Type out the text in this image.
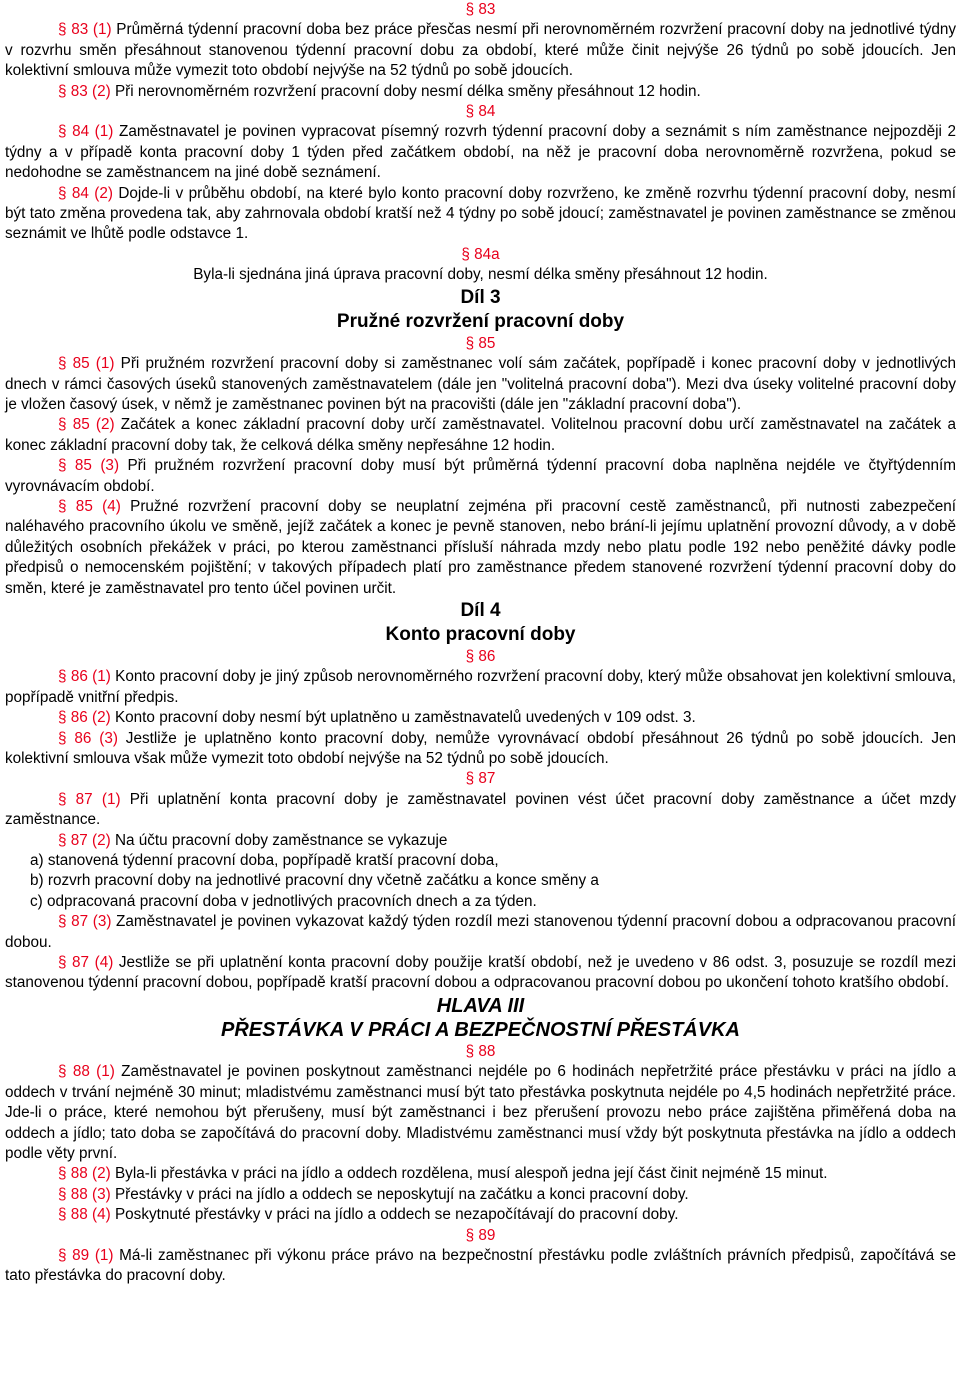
§ 83

§ 83 (1) Průměrná týdenní pracovní doba bez práce přesčas nesmí při nerovnoměrném rozvržení pracovní doby na jednotlivé týdny v rozvrhu směn přesáhnout stanovenou týdenní pracovní dobu za období, které může činit nejvýše 26 týdnů po sobě jdoucích. Jen kolektivní smlouva může vymezit toto období nejvýše na 52 týdnů po sobě jdoucích.

§ 83 (2) Při nerovnoměrném rozvržení pracovní doby nesmí délka směny přesáhnout 12 hodin.

§ 84

§ 84 (1) Zaměstnavatel je povinen vypracovat písemný rozvrh týdenní pracovní doby a seznámit s ním zaměstnance nejpozději 2 týdny a v případě konta pracovní doby 1 týden před začátkem období, na něž je pracovní doba nerovnoměrně rozvržena, pokud se nedohodne se zaměstnancem na jiné době seznámení.

§ 84 (2) Dojde-li v průběhu období, na které bylo konto pracovní doby rozvrženo, ke změně rozvrhu týdenní pracovní doby, nesmí být tato změna provedena tak, aby zahrnovala období kratší než 4 týdny po sobě jdoucí; zaměstnavatel je povinen zaměstnance se změnou seznámit ve lhůtě podle odstavce 1.

§ 84a

Byla-li sjednána jiná úprava pracovní doby, nesmí délka směny přesáhnout 12 hodin.

Díl 3
Pružné rozvržení pracovní doby
§ 85

§ 85 (1) Při pružném rozvržení pracovní doby si zaměstnanec volí sám začátek, popřípadě i konec pracovní doby v jednotlivých dnech v rámci časových úseků stanovených zaměstnavatelem (dále jen "volitelná pracovní doba"). Mezi dva úseky volitelné pracovní doby je vložen časový úsek, v němž je zaměstnanec povinen být na pracovišti (dále jen "základní pracovní doba").

§ 85 (2) Začátek a konec základní pracovní doby určí zaměstnavatel. Volitelnou pracovní dobu určí zaměstnavatel na začátek a konec základní pracovní doby tak, že celková délka směny nepřesáhne 12 hodin.

§ 85 (3) Při pružném rozvržení pracovní doby musí být průměrná týdenní pracovní doba naplněna nejdéle ve čtyřtýdenním vyrovnávacím období.

§ 85 (4) Pružné rozvržení pracovní doby se neuplatní zejména při pracovní cestě zaměstnanců, při nutnosti zabezpečení naléhavého pracovního úkolu ve směně, jejíž začátek a konec je pevně stanoven, nebo brání-li jejímu uplatnění provozní důvody, a v době důležitých osobních překážek v práci, po kterou zaměstnanci přísluší náhrada mzdy nebo platu podle 192 nebo peněžité dávky podle předpisů o nemocenském pojištění; v takových případech platí pro zaměstnance předem stanovené rozvržení týdenní pracovní doby do směn, které je zaměstnavatel pro tento účel povinen určit.

Díl 4
Konto pracovní doby
§ 86

§ 86 (1) Konto pracovní doby je jiný způsob nerovnoměrného rozvržení pracovní doby, který může obsahovat jen kolektivní smlouva, popřípadě vnitřní předpis.

§ 86 (2) Konto pracovní doby nesmí být uplatněno u zaměstnavatelů uvedených v 109 odst. 3.

§ 86 (3) Jestliže je uplatněno konto pracovní doby, nemůže vyrovnávací období přesáhnout 26 týdnů po sobě jdoucích. Jen kolektivní smlouva však může vymezit toto období nejvýše na 52 týdnů po sobě jdoucích.

§ 87

§ 87 (1) Při uplatnění konta pracovní doby je zaměstnavatel povinen vést účet pracovní doby zaměstnance a účet mzdy zaměstnance.

§ 87 (2) Na účtu pracovní doby zaměstnance se vykazuje

a) stanovená týdenní pracovní doba, popřípadě kratší pracovní doba,
b) rozvrh pracovní doby na jednotlivé pracovní dny včetně začátku a konce směny a
c) odpracovaná pracovní doba v jednotlivých pracovních dnech a za týden.

§ 87 (3) Zaměstnavatel je povinen vykazovat každý týden rozdíl mezi stanovenou týdenní pracovní dobou a odpracovanou pracovní dobou.

§ 87 (4) Jestliže se při uplatnění konta pracovní doby použije kratší období, než je uvedeno v 86 odst. 3, posuzuje se rozdíl mezi stanovenou týdenní pracovní dobou, popřípadě kratší pracovní dobou a odpracovanou pracovní dobou po ukončení tohoto kratšího období.

HLAVA III
PŘESTÁVKA V PRÁCI A BEZPEČNOSTNÍ PŘESTÁVKA
§ 88

§ 88 (1) Zaměstnavatel je povinen poskytnout zaměstnanci nejdéle po 6 hodinách nepřetržité práce přestávku v práci na jídlo a oddech v trvání nejméně 30 minut; mladistvému zaměstnanci musí být tato přestávka poskytnuta nejdéle po 4,5 hodinách nepřetržité práce. Jde-li o práce, které nemohou být přerušeny, musí být zaměstnanci i bez přerušení provozu nebo práce zajištěna přiměřená doba na oddech a jídlo; tato doba se započítává do pracovní doby. Mladistvému zaměstnanci musí vždy být poskytnuta přestávka na jídlo a oddech podle věty první.

§ 88 (2) Byla-li přestávka v práci na jídlo a oddech rozdělena, musí alespoň jedna její část činit nejméně 15 minut.

§ 88 (3) Přestávky v práci na jídlo a oddech se neposkytují na začátku a konci pracovní doby.

§ 88 (4) Poskytnuté přestávky v práci na jídlo a oddech se nezapočítávají do pracovní doby.

§ 89

§ 89 (1) Má-li zaměstnanec při výkonu práce právo na bezpečnostní přestávku podle zvláštních právních předpisů, započítává se tato přestávka do pracovní doby.
